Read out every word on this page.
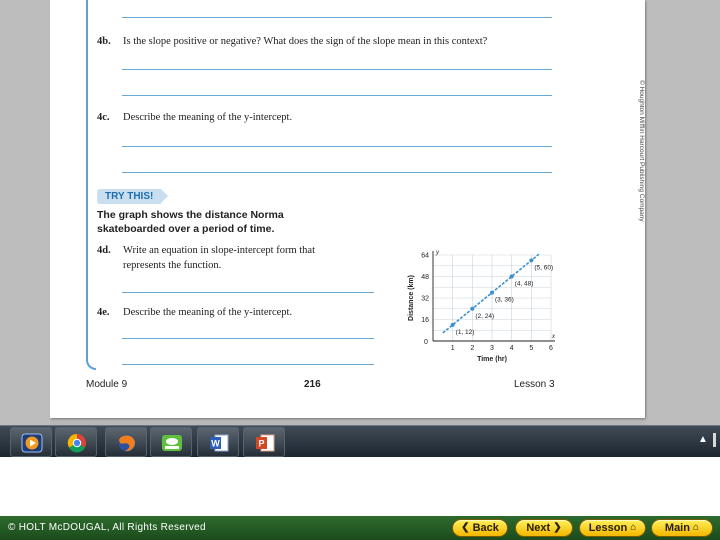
4b. Is the slope positive or negative? What does the sign of the slope mean in this context?
4c. Describe the meaning of the y-intercept.
TRY THIS!
The graph shows the distance Norma skateboarded over a period of time.
4d. Write an equation in slope-intercept form that
represents the function.
4e. Describe the meaning of the y-intercept.
1 2 3 4 5 6
16
32
48
64
(1, 12)
(2, 24)
(3, 36)
(4, 48)
(5, 60)
Time (hr)
Distance (km)
0
x
y
© Houghton Mifflin Harcourt Publishing Company
Module 9	216	Lesson 3
W	P	▲
© HOLT McDOUGAL, All Rights Reserved	❮ Back	Next ❯	Lesson ⌂	Main ⌂
